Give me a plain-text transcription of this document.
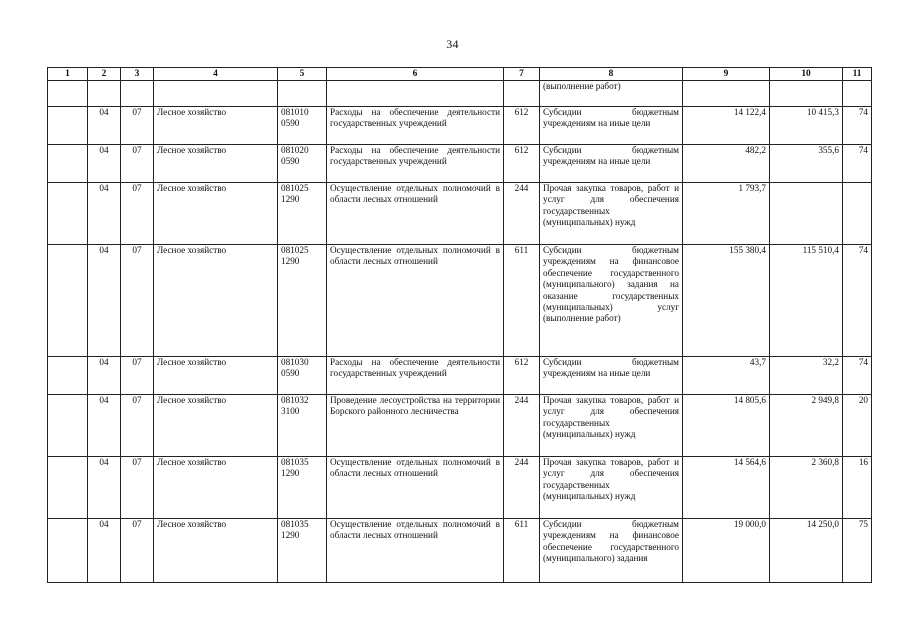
34
1	2	3	4	5	6	7	8	9	10	11
							(выполнение работ)			
	04	07	Лесное хозяйство	081010 0590	Расходы на обеспечение деятельности государственных учреждений	612	Субсидии бюджетным учреждениям на иные цели	14 122,4	10 415,3	74
	04	07	Лесное хозяйство	081020 0590	Расходы на обеспечение деятельности государственных учреждений	612	Субсидии бюджетным учреждениям на иные цели	482,2	355,6	74
	04	07	Лесное хозяйство	081025 1290	Осуществление отдельных полномочий в области лесных отношений	244	Прочая закупка товаров, работ и услуг для обеспечения государственных (муниципальных) нужд	1 793,7		
	04	07	Лесное хозяйство	081025 1290	Осуществление отдельных полномочий в области лесных отношений	611	Субсидии бюджетным учреждениям на финансовое обеспечение государственного (муниципального) задания на оказание государственных (муниципальных) услуг (выполнение работ)	155 380,4	115 510,4	74
	04	07	Лесное хозяйство	081030 0590	Расходы на обеспечение деятельности государственных учреждений	612	Субсидии бюджетным учреждениям на иные цели	43,7	32,2	74
	04	07	Лесное хозяйство	081032 3100	Проведение лесоустройства на территории Борского районного лесничества	244	Прочая закупка товаров, работ и услуг для обеспечения государственных (муниципальных) нужд	14 805,6	2 949,8	20
	04	07	Лесное хозяйство	081035 1290	Осуществление отдельных полномочий в области лесных отношений	244	Прочая закупка товаров, работ и услуг для обеспечения государственных (муниципальных) нужд	14 564,6	2 360,8	16
	04	07	Лесное хозяйство	081035 1290	Осуществление отдельных полномочий в области лесных отношений	611	Субсидии бюджетным учреждениям на финансовое обеспечение государственного (муниципального) задания	19 000,0	14 250,0	75
